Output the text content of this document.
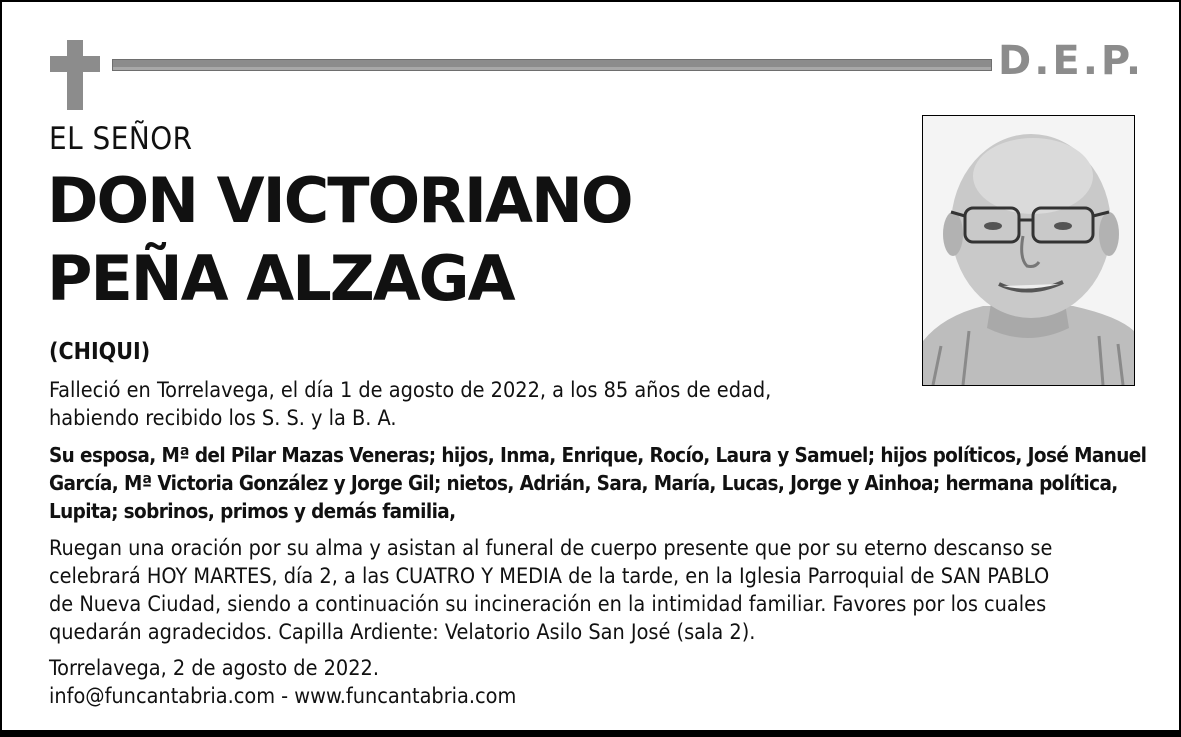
D.E.P.
EL SEÑOR
DON VICTORIANO
PEÑA ALZAGA
(CHIQUI)
Falleció en Torrelavega, el día 1 de agosto de 2022, a los 85 años de edad,
habiendo recibido los S. S. y la B. A.
Su esposa, Mª del Pilar Mazas Veneras; hijos, Inma, Enrique, Rocío, Laura y Samuel; hijos políticos, José Manuel
García, Mª Victoria González y Jorge Gil; nietos, Adrián, Sara, María, Lucas, Jorge y Ainhoa; hermana política,
Lupita; sobrinos, primos y demás familia,
Ruegan una oración por su alma y asistan al funeral de cuerpo presente que por su eterno descanso se
celebrará HOY MARTES, día 2, a las CUATRO Y MEDIA de la tarde, en la Iglesia Parroquial de SAN PABLO
de Nueva Ciudad, siendo a continuación su incineración en la intimidad familiar. Favores por los cuales
quedarán agradecidos. Capilla Ardiente: Velatorio Asilo San José (sala 2).
Torrelavega, 2 de agosto de 2022.
info@funcantabria.com - www.funcantabria.com
